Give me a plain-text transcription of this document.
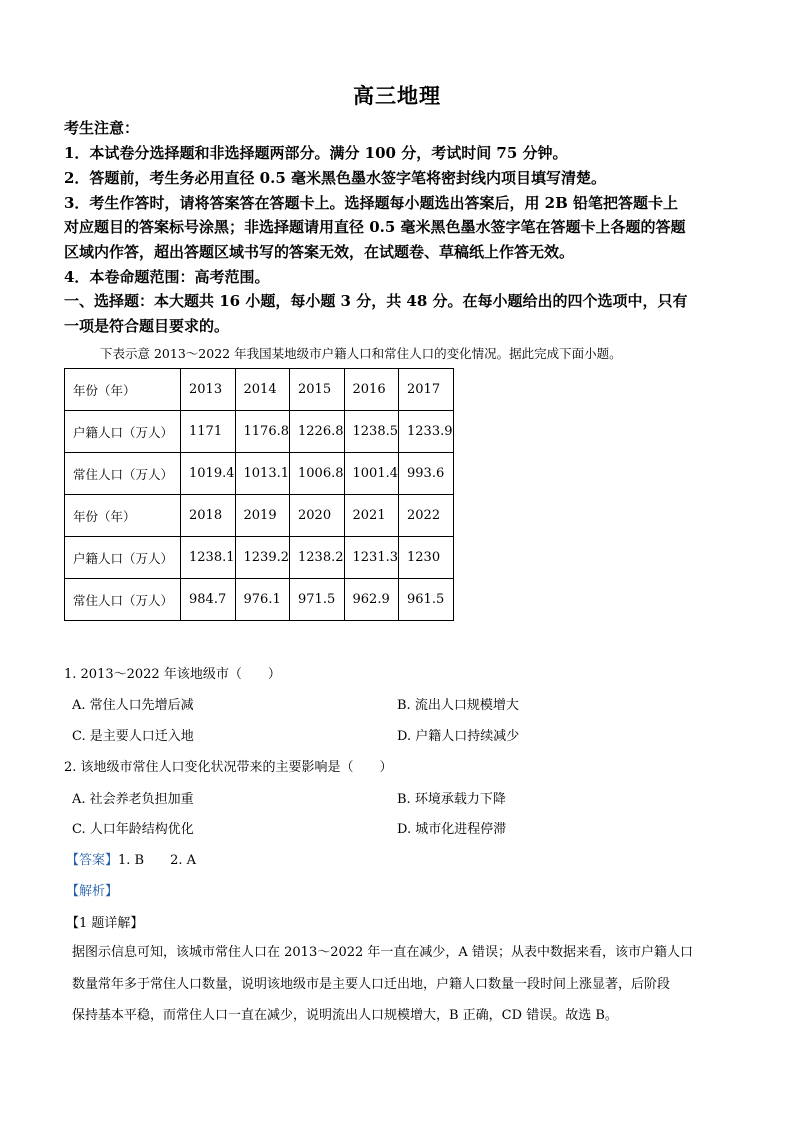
高三地理
考生注意：
1．本试卷分选择题和非选择题两部分。满分 100 分，考试时间 75 分钟。
2．答题前，考生务必用直径 0.5 毫米黑色墨水签字笔将密封线内项目填写清楚。
3．考生作答时，请将答案答在答题卡上。选择题每小题选出答案后，用 2B 铅笔把答题卡上
对应题目的答案标号涂黑；非选择题请用直径 0.5 毫米黑色墨水签字笔在答题卡上各题的答题
区域内作答，超出答题区域书写的答案无效，在试题卷、草稿纸上作答无效。
4．本卷命题范围：高考范围。
一、选择题：本大题共 16 小题，每小题 3 分，共 48 分。在每小题给出的四个选项中，只有
一项是符合题目要求的。
下表示意 2013～2022 年我国某地级市户籍人口和常住人口的变化情况。据此完成下面小题。
年份（年）	2013	2014	2015	2016	2017
户籍人口（万人）	1171	1176.8	1226.8	1238.5	1233.9
常住人口（万人）	1019.4	1013.1	1006.8	1001.4	993.6
年份（年）	2018	2019	2020	2021	2022
户籍人口（万人）	1238.1	1239.2	1238.2	1231.3	1230
常住人口（万人）	984.7	976.1	971.5	962.9	961.5
1. 2013～2022 年该地级市（　　）
A. 常住人口先增后减	B. 流出人口规模增大
C. 是主要人口迁入地	D. 户籍人口持续减少
2. 该地级市常住人口变化状况带来的主要影响是（　　）
A. 社会养老负担加重	B. 环境承载力下降
C. 人口年龄结构优化	D. 城市化进程停滞
【答案】1. B　　2. A
【解析】
【1 题详解】
据图示信息可知，该城市常住人口在 2013～2022 年一直在减少，A 错误；从表中数据来看，该市户籍人口
数量常年多于常住人口数量，说明该地级市是主要人口迁出地，户籍人口数量一段时间上涨显著，后阶段
保持基本平稳，而常住人口一直在减少，说明流出人口规模增大，B 正确，CD 错误。故选 B。
